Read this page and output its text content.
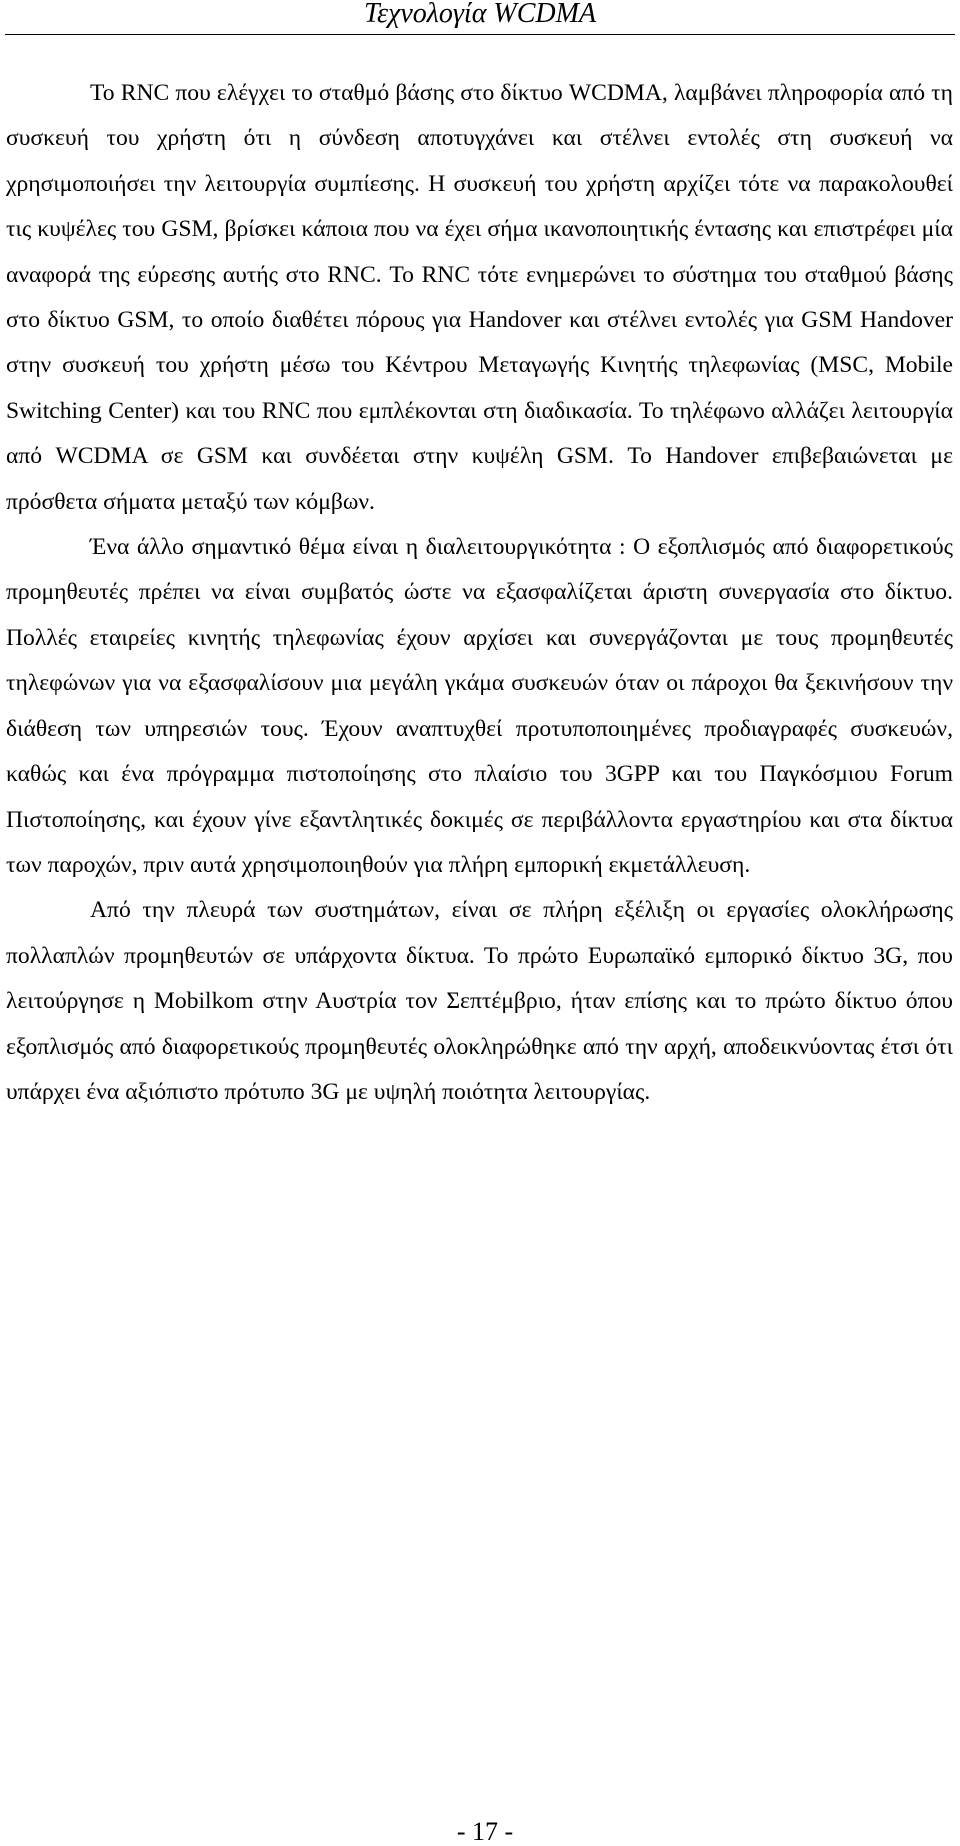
Τεχνολογία WCDMA

Το RNC που ελέγχει το σταθμό βάσης στο δίκτυο WCDMA, λαμβάνει πληροφορία από τη συσκευή του χρήστη ότι η σύνδεση αποτυγχάνει και στέλνει εντολές στη συσκευή να χρησιμοποιήσει την λειτουργία συμπίεσης. Η συσκευή του χρήστη αρχίζει τότε να παρακολουθεί τις κυψέλες του GSM, βρίσκει κάποια που να έχει σήμα ικανοποιητικής έντασης και επιστρέφει μία αναφορά της εύρεσης αυτής στο RNC. Το RNC τότε ενημερώνει το σύστημα του σταθμού βάσης στο δίκτυο GSM, το οποίο διαθέτει πόρους για Handover και στέλνει εντολές για GSM Handover στην συσκευή του χρήστη μέσω του Κέντρου Μεταγωγής Κινητής τηλεφωνίας (MSC, Mobile Switching Center) και του RNC που εμπλέκονται στη διαδικασία. Το τηλέφωνο αλλάζει λειτουργία από WCDMA σε GSM και συνδέεται στην κυψέλη GSM. Το Handover επιβεβαιώνεται με πρόσθετα σήματα μεταξύ των κόμβων.

Ένα άλλο σημαντικό θέμα είναι η διαλειτουργικότητα : Ο εξοπλισμός από διαφορετικούς προμηθευτές πρέπει να είναι συμβατός ώστε να εξασφαλίζεται άριστη συνεργασία στο δίκτυο. Πολλές εταιρείες κινητής τηλεφωνίας έχουν αρχίσει και συνεργάζονται με τους προμηθευτές τηλεφώνων για να εξασφαλίσουν μια μεγάλη γκάμα συσκευών όταν οι πάροχοι θα ξεκινήσουν την διάθεση των υπηρεσιών τους. Έχουν αναπτυχθεί προτυποποιημένες προδιαγραφές συσκευών, καθώς και ένα πρόγραμμα πιστοποίησης στο πλαίσιο του 3GPP και του Παγκόσμιου Forum Πιστοποίησης, και έχουν γίνε εξαντλητικές δοκιμές σε περιβάλλοντα εργαστηρίου και στα δίκτυα των παροχών, πριν αυτά χρησιμοποιηθούν για πλήρη εμπορική εκμετάλλευση.

Από την πλευρά των συστημάτων, είναι σε πλήρη εξέλιξη οι εργασίες ολοκλήρωσης πολλαπλών προμηθευτών σε υπάρχοντα δίκτυα. Το πρώτο Ευρωπαϊκό εμπορικό δίκτυο 3G, που λειτούργησε η Mobilkom στην Αυστρία τον Σεπτέμβριο, ήταν επίσης και το πρώτο δίκτυο όπου εξοπλισμός από διαφορετικούς προμηθευτές ολοκληρώθηκε από την αρχή, αποδεικνύοντας έτσι ότι υπάρχει ένα αξιόπιστο πρότυπο 3G με υψηλή ποιότητα λειτουργίας.

- 17 -
